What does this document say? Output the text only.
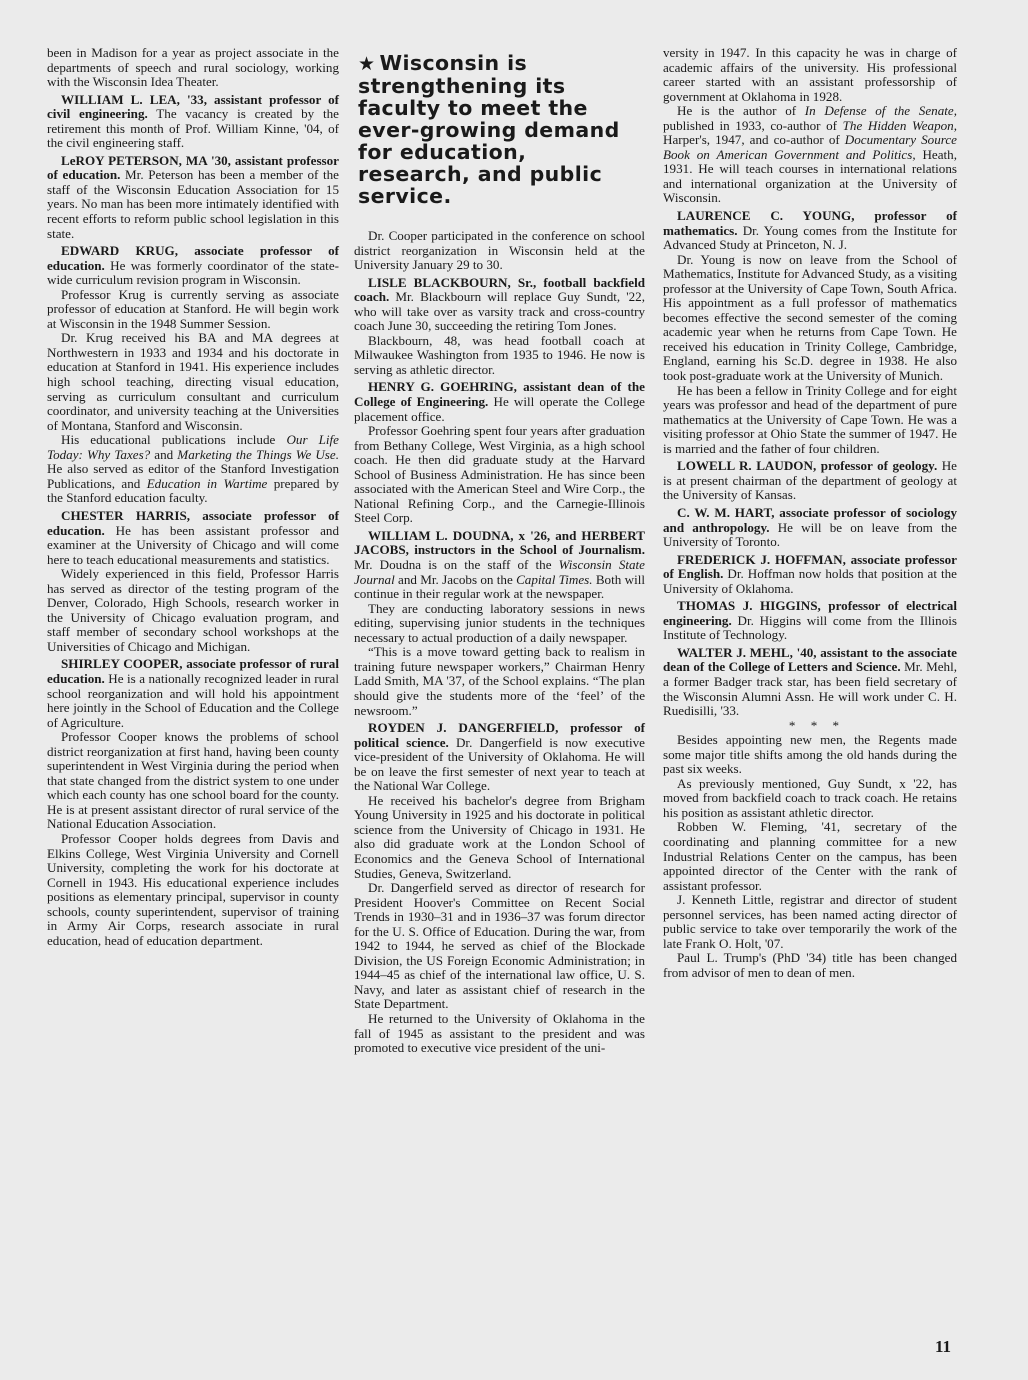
been in Madison for a year as project associate in the departments of speech and rural sociology, working with the Wisconsin Idea Theater.

WILLIAM L. LEA, '33, assistant professor of civil engineering. The vacancy is created by the retirement this month of Prof. William Kinne, '04, of the civil engineering staff.

LeROY PETERSON, MA '30, assistant professor of education. Mr. Peterson has been a member of the staff of the Wisconsin Education Association for 15 years. No man has been more intimately identified with recent efforts to reform public school legislation in this state.

EDWARD KRUG, associate professor of education. He was formerly coordinator of the state-wide curriculum revision program in Wisconsin.

Professor Krug is currently serving as associate professor of education at Stanford. He will begin work at Wisconsin in the 1948 Summer Session.

Dr. Krug received his BA and MA degrees at Northwestern in 1933 and 1934 and his doctorate in education at Stanford in 1941. His experience includes high school teaching, directing visual education, serving as curriculum consultant and curriculum coordinator, and university teaching at the Universities of Montana, Stanford and Wisconsin.

His educational publications include Our Life Today: Why Taxes? and Marketing the Things We Use. He also served as editor of the Stanford Investigation Publications, and Education in Wartime prepared by the Stanford education faculty.

CHESTER HARRIS, associate professor of education. He has been assistant professor and examiner at the University of Chicago and will come here to teach educational measurements and statistics.

Widely experienced in this field, Professor Harris has served as director of the testing program of the Denver, Colorado, High Schools, research worker in the University of Chicago evaluation program, and staff member of secondary school workshops at the Universities of Chicago and Michigan.

SHIRLEY COOPER, associate professor of rural education. He is a nationally recognized leader in rural school reorganization and will hold his appointment here jointly in the School of Education and the College of Agriculture.

Professor Cooper knows the problems of school district reorganization at first hand, having been county superintendent in West Virginia during the period when that state changed from the district system to one under which each county has one school board for the county. He is at present assistant director of rural service of the National Education Association.

Professor Cooper holds degrees from Davis and Elkins College, West Virginia University and Cornell University, completing the work for his doctorate at Cornell in 1943. His educational experience includes positions as elementary principal, supervisor in county schools, county superintendent, supervisor of training in Army Air Corps, research associate in rural education, head of education department.

★ Wisconsin is strengthening its faculty to meet the ever-growing demand for education, research, and public service.

Dr. Cooper participated in the conference on school district reorganization in Wisconsin held at the University January 29 to 30.

LISLE BLACKBOURN, Sr., football backfield coach. Mr. Blackbourn will replace Guy Sundt, '22, who will take over as varsity track and cross-country coach June 30, succeeding the retiring Tom Jones.

Blackbourn, 48, was head football coach at Milwaukee Washington from 1935 to 1946. He now is serving as athletic director.

HENRY G. GOEHRING, assistant dean of the College of Engineering. He will operate the College placement office.

Professor Goehring spent four years after graduation from Bethany College, West Virginia, as a high school coach. He then did graduate study at the Harvard School of Business Administration. He has since been associated with the American Steel and Wire Corp., the National Refining Corp., and the Carnegie-Illinois Steel Corp.

WILLIAM L. DOUDNA, x '26, and HERBERT JACOBS, instructors in the School of Journalism. Mr. Doudna is on the staff of the Wisconsin State Journal and Mr. Jacobs on the Capital Times. Both will continue in their regular work at the newspaper.

They are conducting laboratory sessions in news editing, supervising junior students in the techniques necessary to actual production of a daily newspaper.

“This is a move toward getting back to realism in training future newspaper workers,” Chairman Henry Ladd Smith, MA '37, of the School explains. “The plan should give the students more of the ‘feel’ of the newsroom.”

ROYDEN J. DANGERFIELD, professor of political science. Dr. Dangerfield is now executive vice-president of the University of Oklahoma. He will be on leave the first semester of next year to teach at the National War College.

He received his bachelor's degree from Brigham Young University in 1925 and his doctorate in political science from the University of Chicago in 1931. He also did graduate work at the London School of Economics and the Geneva School of International Studies, Geneva, Switzerland.

Dr. Dangerfield served as director of research for President Hoover's Committee on Recent Social Trends in 1930–31 and in 1936–37 was forum director for the U. S. Office of Education. During the war, from 1942 to 1944, he served as chief of the Blockade Division, the US Foreign Economic Administration; in 1944–45 as chief of the international law office, U. S. Navy, and later as assistant chief of research in the State Department.

He returned to the University of Oklahoma in the fall of 1945 as assistant to the president and was promoted to executive vice president of the uni-

versity in 1947. In this capacity he was in charge of academic affairs of the university. His professional career started with an assistant professorship of government at Oklahoma in 1928.

He is the author of In Defense of the Senate, published in 1933, co-author of The Hidden Weapon, Harper's, 1947, and co-author of Documentary Source Book on American Government and Politics, Heath, 1931. He will teach courses in international relations and international organization at the University of Wisconsin.

LAURENCE C. YOUNG, professor of mathematics. Dr. Young comes from the Institute for Advanced Study at Princeton, N. J.

Dr. Young is now on leave from the School of Mathematics, Institute for Advanced Study, as a visiting professor at the University of Cape Town, South Africa. His appointment as a full professor of mathematics becomes effective the second semester of the coming academic year when he returns from Cape Town. He received his education in Trinity College, Cambridge, England, earning his Sc.D. degree in 1938. He also took post-graduate work at the University of Munich.

He has been a fellow in Trinity College and for eight years was professor and head of the department of pure mathematics at the University of Cape Town. He was a visiting professor at Ohio State the summer of 1947. He is married and the father of four children.

LOWELL R. LAUDON, professor of geology. He is at present chairman of the department of geology at the University of Kansas.

C. W. M. HART, associate professor of sociology and anthropology. He will be on leave from the University of Toronto.

FREDERICK J. HOFFMAN, associate professor of English. Dr. Hoffman now holds that position at the University of Oklahoma.

THOMAS J. HIGGINS, professor of electrical engineering. Dr. Higgins will come from the Illinois Institute of Technology.

WALTER J. MEHL, '40, assistant to the associate dean of the College of Letters and Science. Mr. Mehl, a former Badger track star, has been field secretary of the Wisconsin Alumni Assn. He will work under C. H. Ruedisilli, '33.

* * *

Besides appointing new men, the Regents made some major title shifts among the old hands during the past six weeks.

As previously mentioned, Guy Sundt, x '22, has moved from backfield coach to track coach. He retains his position as assistant athletic director.

Robben W. Fleming, '41, secretary of the coordinating and planning committee for a new Industrial Relations Center on the campus, has been appointed director of the Center with the rank of assistant professor.

J. Kenneth Little, registrar and director of student personnel services, has been named acting director of public service to take over temporarily the work of the late Frank O. Holt, '07.

Paul L. Trump's (PhD '34) title has been changed from advisor of men to dean of men.

11
